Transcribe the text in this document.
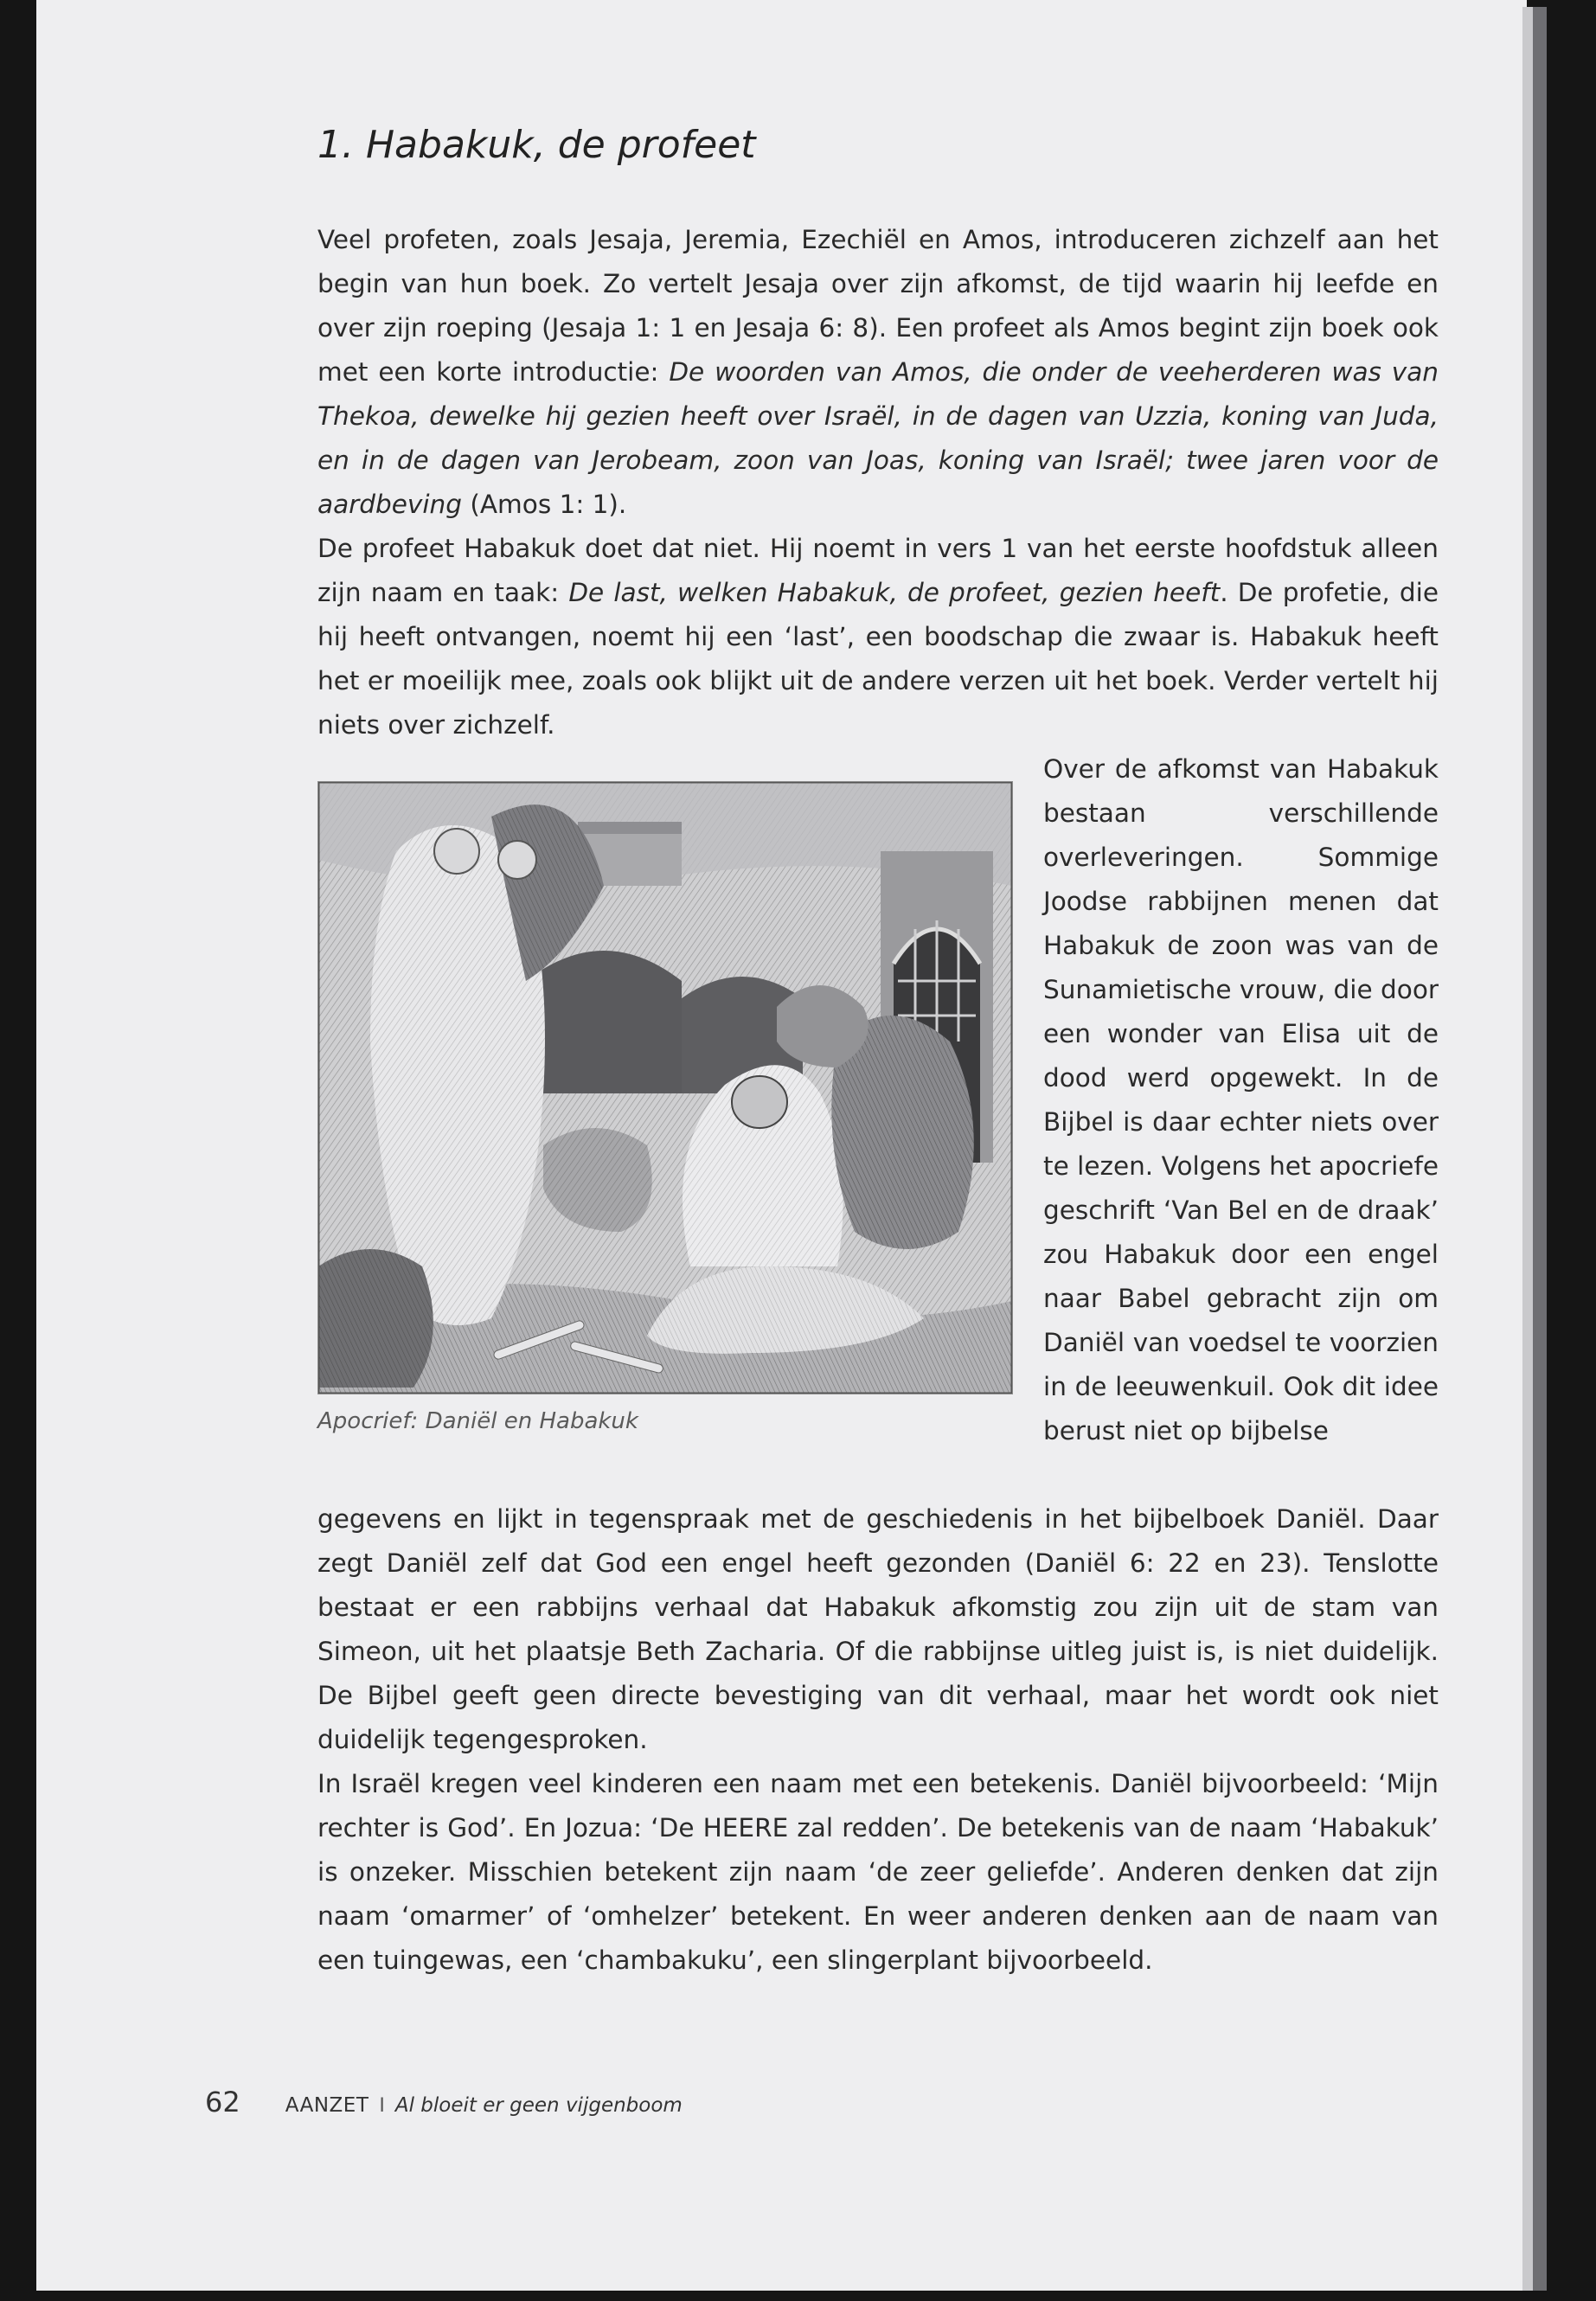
1. Habakuk, de profeet

Veel profeten, zoals Jesaja, Jeremia, Ezechiël en Amos, introduceren zichzelf aan het begin van hun boek. Zo vertelt Jesaja over zijn afkomst, de tijd waarin hij leefde en over zijn roeping (Jesaja 1: 1 en Jesaja 6: 8). Een profeet als Amos begint zijn boek ook met een korte introductie: De woorden van Amos, die onder de veeherderen was van Thekoa, dewelke hij gezien heeft over Israël, in de dagen van Uzzia, koning van Juda, en in de dagen van Jerobeam, zoon van Joas, koning van Israël; twee jaren voor de aardbeving (Amos 1: 1).

De profeet Habakuk doet dat niet. Hij noemt in vers 1 van het eerste hoofdstuk alleen zijn naam en taak: De last, welken Habakuk, de profeet, gezien heeft. De profetie, die hij heeft ontvangen, noemt hij een ‘last’, een boodschap die zwaar is. Habakuk heeft het er moeilijk mee, zoals ook blijkt uit de andere verzen uit het boek. Verder vertelt hij niets over zichzelf.

Apocrief: Daniël en Habakuk

Over de afkomst van Habakuk bestaan verschillende overleveringen. Sommige Joodse rabbijnen menen dat Habakuk de zoon was van de Sunamietische vrouw, die door een wonder van Elisa uit de dood werd opgewekt. In de Bijbel is daar echter niets over te lezen. Volgens het apocriefe geschrift ‘Van Bel en de draak’ zou Habakuk door een engel naar Babel gebracht zijn om Daniël van voedsel te voorzien in de leeuwenkuil. Ook dit idee berust niet op bijbelse

gegevens en lijkt in tegenspraak met de geschiedenis in het bijbelboek Daniël. Daar zegt Daniël zelf dat God een engel heeft gezonden (Daniël 6: 22 en 23). Tenslotte bestaat er een rabbijns verhaal dat Habakuk afkomstig zou zijn uit de stam van Simeon, uit het plaatsje Beth Zacharia. Of die rabbijnse uitleg juist is, is niet duidelijk. De Bijbel geeft geen directe bevestiging van dit verhaal, maar het wordt ook niet duidelijk tegengesproken.

In Israël kregen veel kinderen een naam met een betekenis. Daniël bijvoorbeeld: ‘Mijn rechter is God’. En Jozua: ‘De HEERE zal redden’. De betekenis van de naam ‘Habakuk’ is onzeker. Misschien betekent zijn naam ‘de zeer geliefde’. Anderen denken dat zijn naam ‘omarmer’ of ‘omhelzer’ betekent. En weer anderen denken aan de naam van een tuingewas, een ‘chambakuku’, een slingerplant bijvoorbeeld.

62 AANZET I Al bloeit er geen vijgenboom
